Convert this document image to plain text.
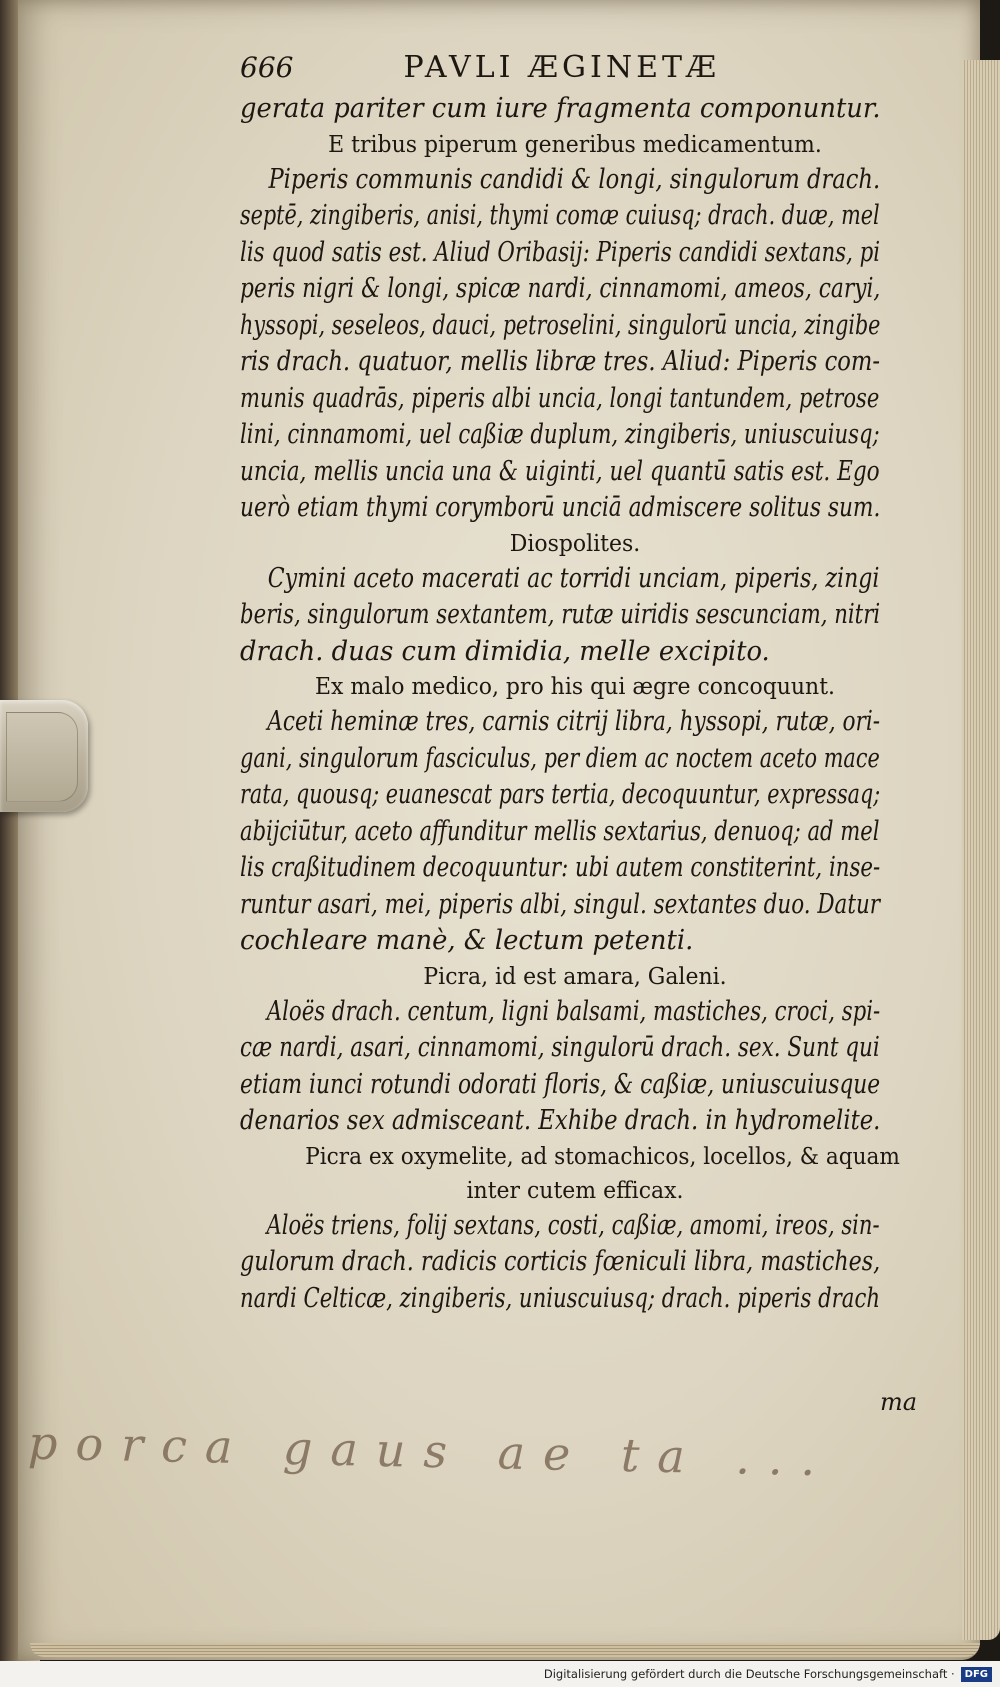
666	PAVLI ÆGINETÆ
gerata pariter cum iure fragmenta componuntur.
E tribus piperum generibus medicamentum.
Piperis communis candidi & longi, singulorum drach.
septē, zingiberis, anisi, thymi comæ cuiusq; drach. duæ, mel
lis quod satis est. Aliud Oribasij: Piperis candidi sextans, pi
peris nigri & longi, spicæ nardi, cinnamomi, ameos, caryi,
hyssopi, seseleos, dauci, petroselini, singulorū uncia, zingibe
ris drach. quatuor, mellis libræ tres. Aliud: Piperis com-
munis quadrās, piperis albi uncia, longi tantundem, petrose
lini, cinnamomi, uel caßiæ duplum, zingiberis, uniuscuiusq;
uncia, mellis uncia una & uiginti, uel quantū satis est. Ego
uerò etiam thymi corymborū unciā admiscere solitus sum.
Diospolites.
Cymini aceto macerati ac torridi unciam, piperis, zingi
beris, singulorum sextantem, rutæ uiridis sescunciam, nitri
drach. duas cum dimidia, melle excipito.
Ex malo medico, pro his qui ægre concoquunt.
Aceti heminæ tres, carnis citrij libra, hyssopi, rutæ, ori-
gani, singulorum fasciculus, per diem ac noctem aceto mace
rata, quousq; euanescat pars tertia, decoquuntur, expressaq;
abijciūtur, aceto affunditur mellis sextarius, denuoq; ad mel
lis craßitudinem decoquuntur: ubi autem constiterint, inse-
runtur asari, mei, piperis albi, singul. sextantes duo. Datur
cochleare manè, & lectum petenti.
Picra, id est amara, Galeni.
Aloës drach. centum, ligni balsami, mastiches, croci, spi-
cæ nardi, asari, cinnamomi, singulorū drach. sex. Sunt qui
etiam iunci rotundi odorati floris, & caßiæ, uniuscuiusque
denarios sex admisceant. Exhibe drach. in hydromelite.
Picra ex oxymelite, ad stomachicos, locellos, & aquam
inter cutem efficax.
Aloës triens, folij sextans, costi, caßiæ, amomi, ireos, sin-
gulorum drach. radicis corticis fœniculi libra, mastiches,
nardi Celticæ, zingiberis, uniuscuiusq; drach. piperis drach
ma
porca gaus ae ta ...
Digitalisierung gefördert durch die Deutsche Forschungsgemeinschaft ·	DFG
